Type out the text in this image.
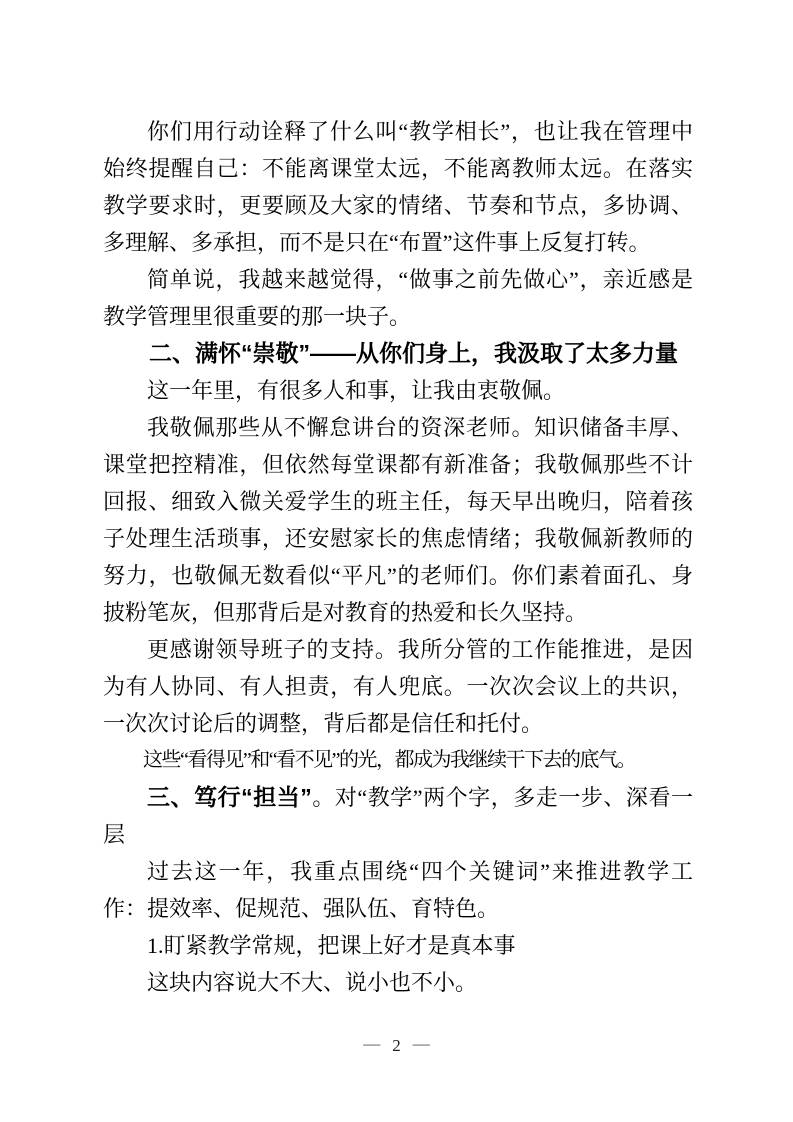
你们用行动诠释了什么叫“教学相长”，也让我在管理中始终提醒自己：不能离课堂太远，不能离教师太远。在落实教学要求时，更要顾及大家的情绪、节奏和节点，多协调、多理解、多承担，而不是只在“布置”这件事上反复打转。

简单说，我越来越觉得，“做事之前先做心”，亲近感是教学管理里很重要的那一块子。

二、满怀“崇敬”——从你们身上，我汲取了太多力量

这一年里，有很多人和事，让我由衷敬佩。

我敬佩那些从不懈怠讲台的资深老师。知识储备丰厚、课堂把控精准，但依然每堂课都有新准备；我敬佩那些不计回报、细致入微关爱学生的班主任，每天早出晚归，陪着孩子处理生活琐事，还安慰家长的焦虑情绪；我敬佩新教师的努力，也敬佩无数看似“平凡”的老师们。你们素着面孔、身披粉笔灰，但那背后是对教育的热爱和长久坚持。

更感谢领导班子的支持。我所分管的工作能推进，是因为有人协同、有人担责，有人兜底。一次次会议上的共识，一次次讨论后的调整，背后都是信任和托付。

这些“看得见”和“看不见”的光，都成为我继续干下去的底气。

三、笃行“担当”。对“教学”两个字，多走一步、深看一层

过去这一年，我重点围绕“四个关键词”来推进教学工作：提效率、促规范、强队伍、育特色。

1.盯紧教学常规，把课上好才是真本事

这块内容说大不大、说小也不小。

— 2 —
